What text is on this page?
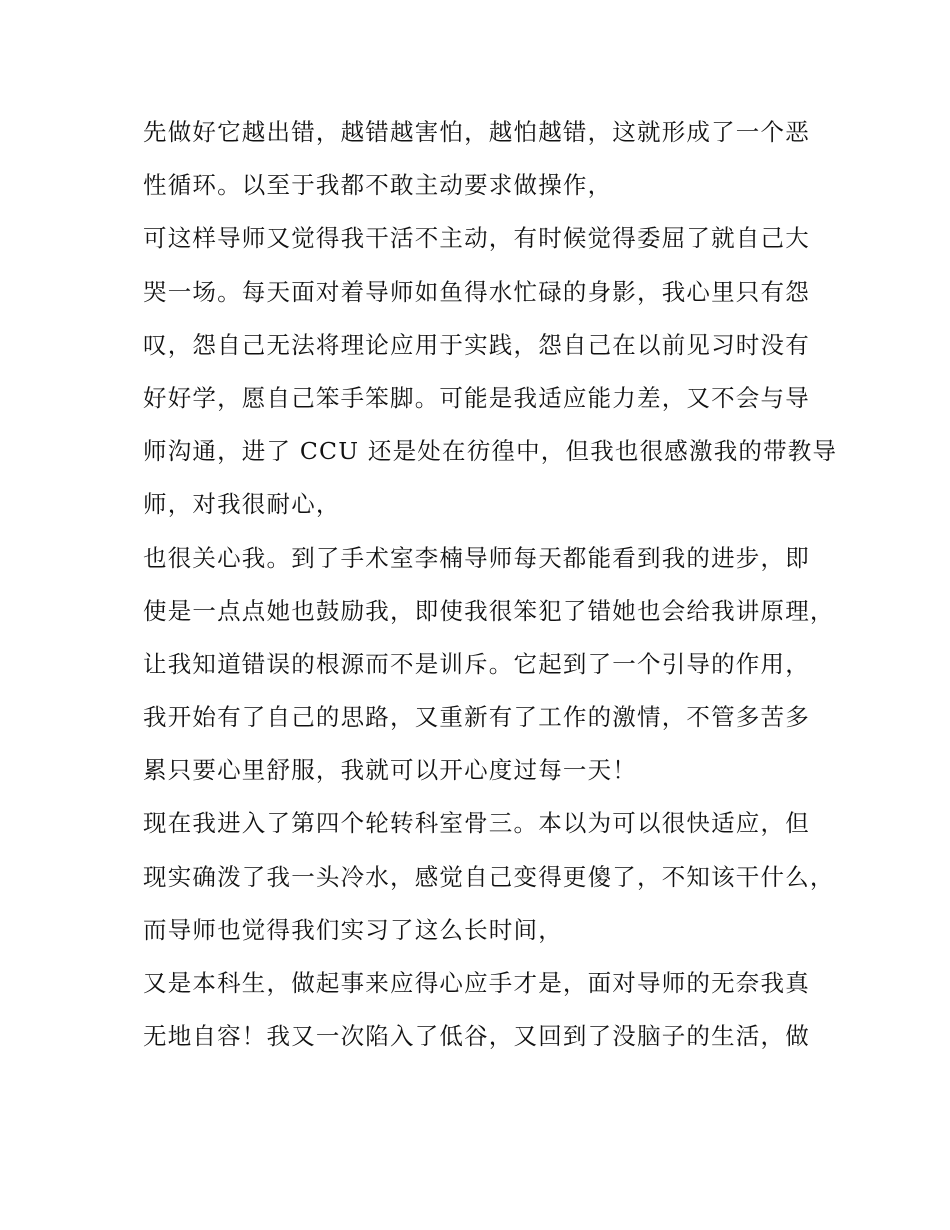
先做好它越出错，越错越害怕，越怕越错，这就形成了一个恶
性循环。以至于我都不敢主动要求做操作，
可这样导师又觉得我干活不主动，有时候觉得委屈了就自己大
哭一场。每天面对着导师如鱼得水忙碌的身影，我心里只有怨
叹，怨自己无法将理论应用于实践，怨自己在以前见习时没有
好好学，愿自己笨手笨脚。可能是我适应能力差，又不会与导
师沟通，进了 CCU 还是处在彷徨中，但我也很感激我的带教导
师，对我很耐心，
也很关心我。到了手术室李楠导师每天都能看到我的进步，即
使是一点点她也鼓励我，即使我很笨犯了错她也会给我讲原理，
让我知道错误的根源而不是训斥。它起到了一个引导的作用，
我开始有了自己的思路，又重新有了工作的激情，不管多苦多
累只要心里舒服，我就可以开心度过每一天！
现在我进入了第四个轮转科室骨三。本以为可以很快适应，但
现实确泼了我一头冷水，感觉自己变得更傻了，不知该干什么，
而导师也觉得我们实习了这么长时间，
又是本科生，做起事来应得心应手才是，面对导师的无奈我真
无地自容！我又一次陷入了低谷，又回到了没脑子的生活，做
